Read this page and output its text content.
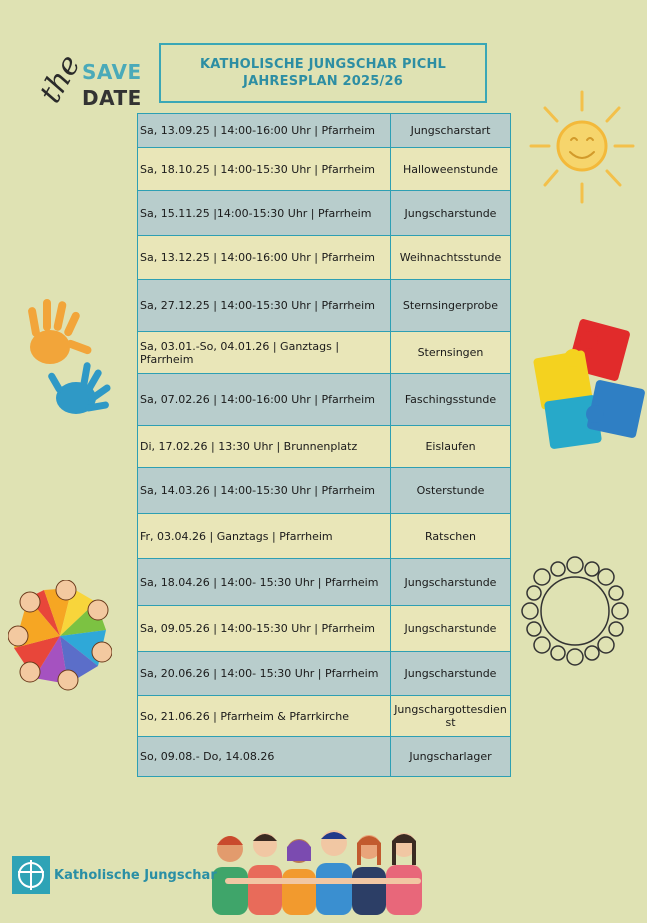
the
SAVE
DATE
KATHOLISCHE JUNGSCHAR PICHL
JAHRESPLAN 2025/26
Sa, 13.09.25 | 14:00-16:00 Uhr | Pfarrheim	Jungscharstart
Sa, 18.10.25 | 14:00-15:30 Uhr | Pfarrheim	Halloweenstunde
Sa, 15.11.25 |14:00-15:30 Uhr | Pfarrheim	Jungscharstunde
Sa, 13.12.25 | 14:00-16:00 Uhr | Pfarrheim	Weihnachtsstunde
Sa, 27.12.25 | 14:00-15:30 Uhr | Pfarrheim	Sternsingerprobe
Sa, 03.01.-So, 04.01.26 | Ganztags | Pfarrheim	Sternsingen
Sa, 07.02.26 | 14:00-16:00 Uhr | Pfarrheim	Faschingsstunde
Di, 17.02.26 | 13:30 Uhr | Brunnenplatz	Eislaufen
Sa, 14.03.26 | 14:00-15:30 Uhr | Pfarrheim	Osterstunde
Fr, 03.04.26 | Ganztags | Pfarrheim	Ratschen
Sa, 18.04.26 | 14:00- 15:30 Uhr | Pfarrheim	Jungscharstunde
Sa, 09.05.26 | 14:00-15:30 Uhr | Pfarrheim	Jungscharstunde
Sa, 20.06.26 | 14:00- 15:30 Uhr | Pfarrheim	Jungscharstunde
So, 21.06.26 | Pfarrheim & Pfarrkirche	Jungschargottesdienst
So, 09.08.- Do, 14.08.26	Jungscharlager
Katholische Jungschar
